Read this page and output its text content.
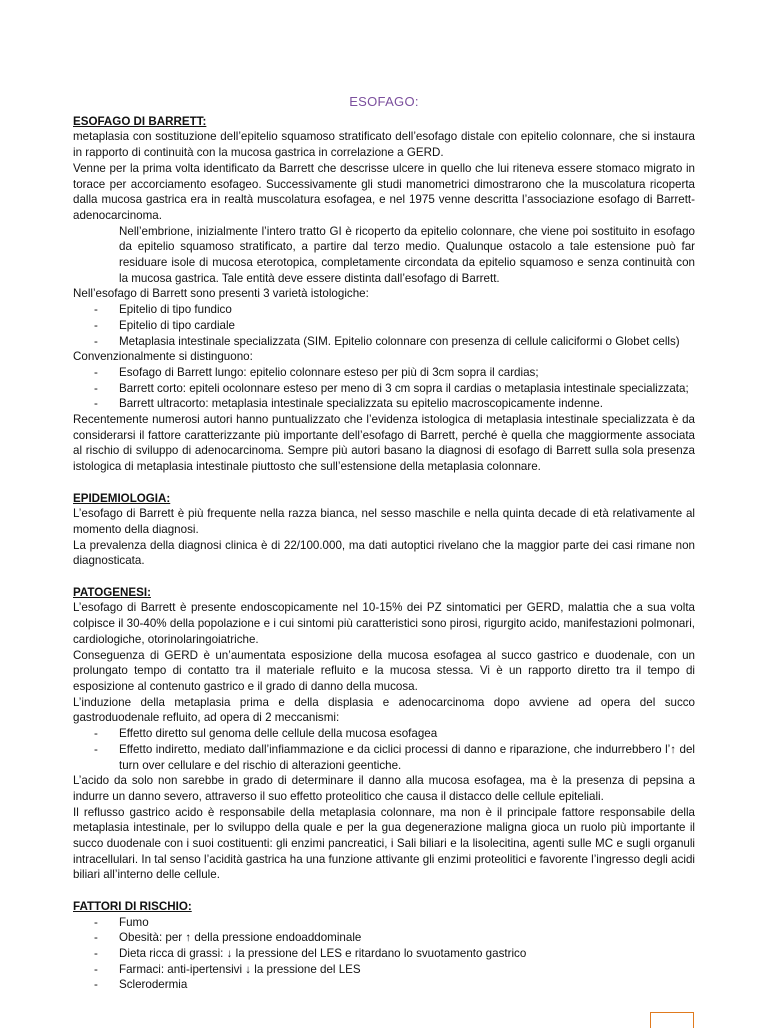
ESOFAGO:

ESOFAGO DI BARRETT:

metaplasia con sostituzione dell’epitelio squamoso stratificato dell’esofago distale con epitelio colonnare, che si instaura in rapporto di continuità con la mucosa gastrica in correlazione a GERD.

Venne per la prima volta identificato da Barrett che descrisse ulcere in quello che lui riteneva essere stomaco migrato in torace per accorciamento esofageo. Successivamente gli studi manometrici dimostrarono che la muscolatura ricoperta dalla mucosa gastrica era in realtà muscolatura esofagea, e nel 1975 venne descritta l’associazione esofago di Barrett-adenocarcinoma.

Nell’embrione, inizialmente l’intero tratto GI è ricoperto da epitelio colonnare, che viene poi sostituito in esofago da epitelio squamoso stratificato, a partire dal terzo medio. Qualunque ostacolo a tale estensione può far residuare isole di mucosa eterotopica, completamente circondata da epitelio squamoso e senza continuità con la mucosa gastrica. Tale entità deve essere distinta dall’esofago di Barrett.

Nell’esofago di Barrett sono presenti 3 varietà istologiche:

- Epitelio di tipo fundico
- Epitelio di tipo cardiale
- Metaplasia intestinale specializzata (SIM. Epitelio colonnare con presenza di cellule caliciformi o Globet cells)

Convenzionalmente si distinguono:

- Esofago di Barrett lungo: epitelio colonnare esteso per più di 3cm sopra il cardias;
- Barrett corto: epiteli ocolonnare esteso per meno di 3 cm sopra il cardias o metaplasia intestinale specializzata;
- Barrett ultracorto: metaplasia intestinale specializzata su epitelio macroscopicamente indenne.

Recentemente numerosi autori hanno puntualizzato che l’evidenza istologica di metaplasia intestinale specializzata è da considerarsi il fattore caratterizzante più importante dell’esofago di Barrett, perché è quella che maggiormente associata al rischio di sviluppo di adenocarcinoma. Sempre più autori basano la diagnosi di esofago di Barrett sulla sola presenza istologica di metaplasia intestinale piuttosto che sull’estensione della metaplasia colonnare.

EPIDEMIOLOGIA:

L’esofago di Barrett è più frequente nella razza bianca, nel sesso maschile e nella quinta decade di età relativamente al momento della diagnosi.

La prevalenza della diagnosi clinica è di 22/100.000, ma dati autoptici rivelano che la maggior parte dei casi rimane non diagnosticata.

PATOGENESI:

L’esofago di Barrett è presente endoscopicamente nel 10-15% dei PZ sintomatici per GERD, malattia che a sua volta colpisce il 30-40% della popolazione e i cui sintomi più caratteristici sono pirosi, rigurgito acido, manifestazioni polmonari, cardiologiche, otorinolaringoiatriche.

Conseguenza di GERD è un’aumentata esposizione della mucosa esofagea al succo gastrico e duodenale, con un prolungato tempo di contatto tra il materiale refluito e la mucosa stessa. Vi è un rapporto diretto tra il tempo di esposizione al contenuto gastrico e il grado di danno della mucosa.

L’induzione della metaplasia prima e della displasia e adenocarcinoma dopo avviene ad opera del succo gastroduodenale refluito, ad opera di 2 meccanismi:

- Effetto diretto sul genoma delle cellule della mucosa esofagea
- Effetto indiretto, mediato dall’infiammazione e da ciclici processi di danno e riparazione, che indurrebbero l’↑ del turn over cellulare e del rischio di alterazioni geentiche.

L’acido da solo non sarebbe in grado di determinare il danno alla mucosa esofagea, ma è la presenza di pepsina a indurre un danno severo, attraverso il suo effetto proteolitico che causa il distacco delle cellule epiteliali.

Il reflusso gastrico acido è responsabile della metaplasia colonnare, ma non è il principale fattore responsabile della metaplasia intestinale, per lo sviluppo della quale e per la gua degenerazione maligna gioca un ruolo più importante il succo duodenale con i suoi costituenti: gli enzimi pancreatici, i Sali biliari e la lisolecitina, agenti sulle MC e sugli organuli intracellulari. In tal senso l’acidità gastrica ha una funzione attivante gli enzimi proteolitici e favorente l’ingresso degli acidi biliari all’interno delle cellule.

FATTORI DI RISCHIO:

- Fumo
- Obesità: per ↑ della pressione endoaddominale
- Dieta ricca di grassi: ↓ la pressione del LES e ritardano lo svuotamento gastrico
- Farmaci: anti-ipertensivi ↓ la pressione del LES
- Sclerodermia
